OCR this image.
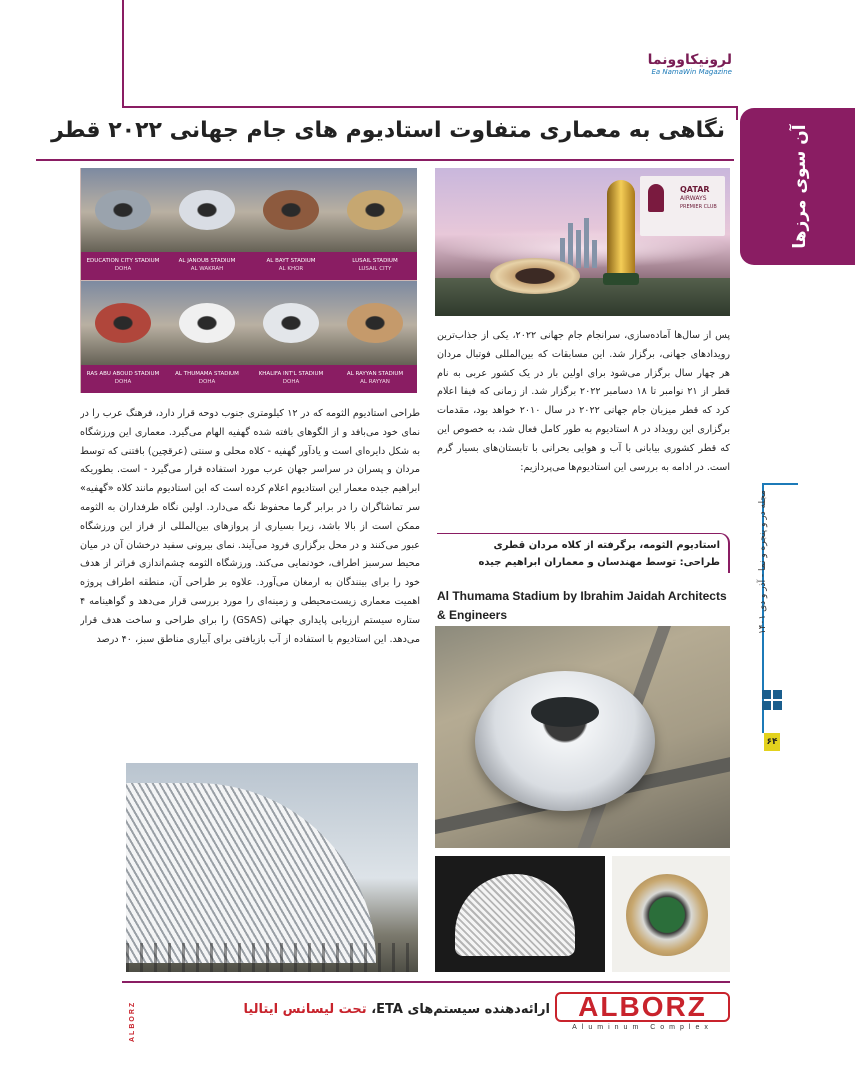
لرونیکاوونما
Ea NamaWin Magazine
نگاهی به معماری متفاوت استادیوم های جام جهانی ۲۰۲۲ قطر	آن سوی مرزها
مجله در و پنجره و نما - آذر و دی ۱۴۰۱
۶۴
QATAR
AIRWAYS
PREMIER CLUB
LUSAIL STADIUM
LUSAIL CITY
AL BAYT STADIUM
AL KHOR
AL JANOUB STADIUM
AL WAKRAH
EDUCATION CITY STADIUM
DOHA
AL RAYYAN STADIUM
AL RAYYAN
KHALIFA INT'L STADIUM
DOHA
AL THUMAMA STADIUM
DOHA
RAS ABU ABOUD STADIUM
DOHA
پس از سال‌ها آماده‌سازی، سرانجام جام جهانی ۲۰۲۲، یکی از جذاب‌ترین رویدادهای جهانی، برگزار شد. این مسابقات که بین‌المللی فوتبال مردان هر چهار سال برگزار می‌شود برای اولین بار در یک کشور عربی به نام قطر از ۲۱ نوامبر تا ۱۸ دسامبر ۲۰۲۲ برگزار شد. از زمانی که فیفا اعلام کرد که قطر میزبان جام جهانی ۲۰۲۲ در سال ۲۰۱۰ خواهد بود، مقدمات برگزاری این رویداد در ۸ استادیوم به طور کامل فعال شد، به خصوص این که قطر کشوری بیابانی با آب و هوایی بحرانی با تابستان‌های بسیار گرم است. در ادامه به بررسی این استادیوم‌ها می‌پردازیم:
استادیوم الثومه، برگرفته از کلاه مردان قطری
طراحی: توسط مهندسان و معماران ابراهیم جیده
Al Thumama Stadium by Ibrahim Jaidah Architects & Engineers
طراحی استادیوم الثومه که در ۱۲ کیلومتری جنوب دوحه قرار دارد، فرهنگ عرب را در نمای خود می‌بافد و از الگوهای بافته شده گهفیه الهام می‌گیرد. معماری این ورزشگاه به شکل دایره‌ای است و یادآور گهفیه - کلاه محلی و سنتی (عرقچین) بافتنی که توسط مردان و پسران در سراسر جهان عرب مورد استفاده قرار می‌گیرد - است. بطوریکه ابراهیم جیده معمار این استادیوم اعلام کرده است که این استادیوم مانند کلاه «گهفیه» سر تماشاگران را در برابر گرما محفوظ نگه می‌دارد. اولین نگاه طرفداران به الثومه ممکن است از بالا باشد، زیرا بسیاری از پروازهای بین‌المللی از فراز این ورزشگاه عبور می‌کنند و در محل برگزاری فرود می‌آیند. نمای بیرونی سفید درخشان آن در میان محیط سرسبز اطراف، خودنمایی می‌کند. ورزشگاه الثومه چشم‌اندازی فراتر از هدف خود را برای بینندگان به ارمغان می‌آورد. علاوه بر طراحی آن، منطقه اطراف پروژه اهمیت معماری زیست‌محیطی و زمینه‌ای را مورد بررسی قرار می‌دهد و گواهینامه ۴ ستاره سیستم ارزیابی پایداری جهانی (GSAS) را برای طراحی و ساخت هدف قرار می‌دهد. این استادیوم با استفاده از آب بازیافتی برای آبیاری مناطق سبز، ۴۰ درصد
ALBORZ
Aluminum Complex
ارائه‌دهنده سیستم‌های ETA، تحت لیسانس ایتالیا
ALBORZ
